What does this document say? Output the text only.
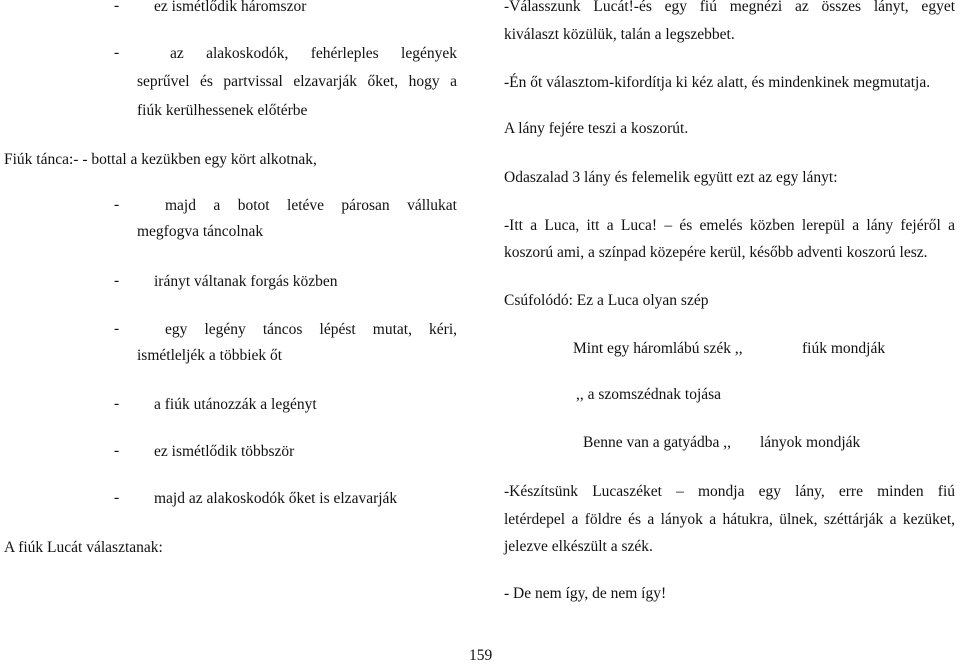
- ez ismétlődik háromszor
-	az alakoskodók, fehérleples legények
seprűvel és partvissal elzavarják őket, hogy a
fiúk kerülhessenek előtérbe
Fiúk tánca:- - bottal a kezükben egy kört alkotnak,
-	majd a botot letéve párosan vállukat
megfogva táncolnak
- irányt váltanak forgás közben
-	egy legény táncos lépést mutat, kéri,
ismétleljék a többiek őt
- a fiúk utánozzák a legényt
- ez ismétlődik többször
- majd az alakoskodók őket is elzavarják
A fiúk Lucát választanak:
-Válasszunk Lucát!-és egy fiú megnézi az összes lányt, egyet
kiválaszt közülük, talán a legszebbet.
-Én őt választom-kifordítja ki kéz alatt, és mindenkinek megmutatja.
A lány fejére teszi a koszorút.
Odaszalad 3 lány és felemelik együtt ezt az egy lányt:
-Itt a Luca, itt a Luca! – és emelés közben lerepül a lány fejéről a
koszorú ami, a színpad közepére kerül, később adventi koszorú lesz.
Csúfolódó: Ez a Luca olyan szép
Mint egy háromlábú szék ,,	fiúk mondják
,, a szomszédnak tojása
Benne van a gatyádba ,, lányok mondják
-Készítsünk Lucaszéket – mondja egy lány, erre minden fiú
letérdepel a földre és a lányok a hátukra, ülnek, széttárják a kezüket,
jelezve elkészült a szék.
- De nem így, de nem így!
159
